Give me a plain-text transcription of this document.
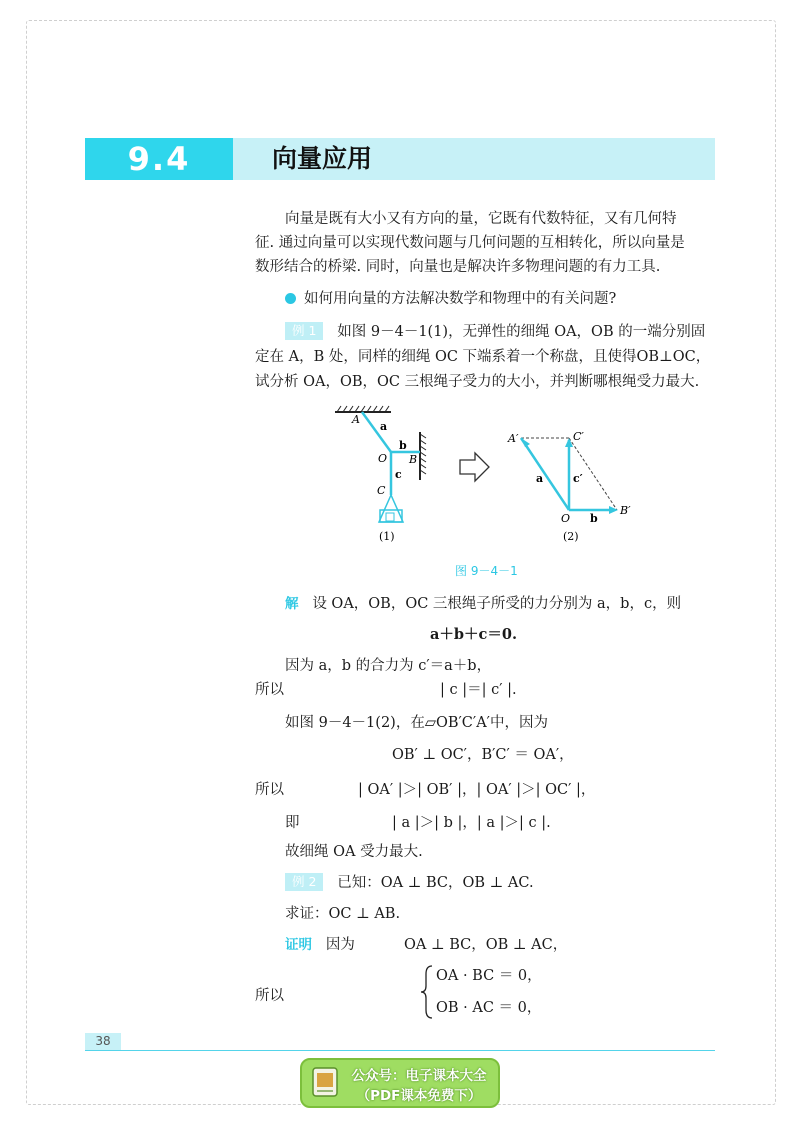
9.4	向量应用
向量是既有大小又有方向的量，它既有代数特征，又有几何特
征. 通过向量可以实现代数问题与几何问题的互相转化，所以向量是
数形结合的桥梁. 同时，向量也是解决许多物理问题的有力工具.
如何用向量的方法解决数学和物理中的有关问题?
例 1 如图 9－4－1(1)，无弹性的细绳 OA，OB 的一端分别固
定在 A，B 处，同样的细绳 OC 下端系着一个称盘，且使得OB⊥OC，
试分析 OA，OB，OC 三根绳子受力的大小，并判断哪根绳受力最大.
A
a
O
b
B
c
C
(1)
A′	C′
a	c′
O b
B′
(2)
图 9－4－1
解 设 OA，OB，OC 三根绳子所受的力分别为 a，b，c，则
a＋b＋c＝0.
因为 a，b 的合力为 c′＝a＋b，
所以	| c |＝| c′ |.
如图 9－4－1(2)，在▱OB′C′A′中，因为
OB′ ⊥ OC′，B′C′ ＝ OA′，
所以	| OA′ |＞| OB′ |，| OA′ |＞| OC′ |，
即	| a |＞| b |，| a |＞| c |.
故细绳 OA 受力最大.
例 2 已知：OA ⊥ BC，OB ⊥ AC.
求证：OC ⊥ AB.
证明 因为	OA ⊥ BC，OB ⊥ AC，
所以
OA · BC ＝ 0，
OB · AC ＝ 0，
38
公众号：电子课本大全
（PDF课本免费下）
